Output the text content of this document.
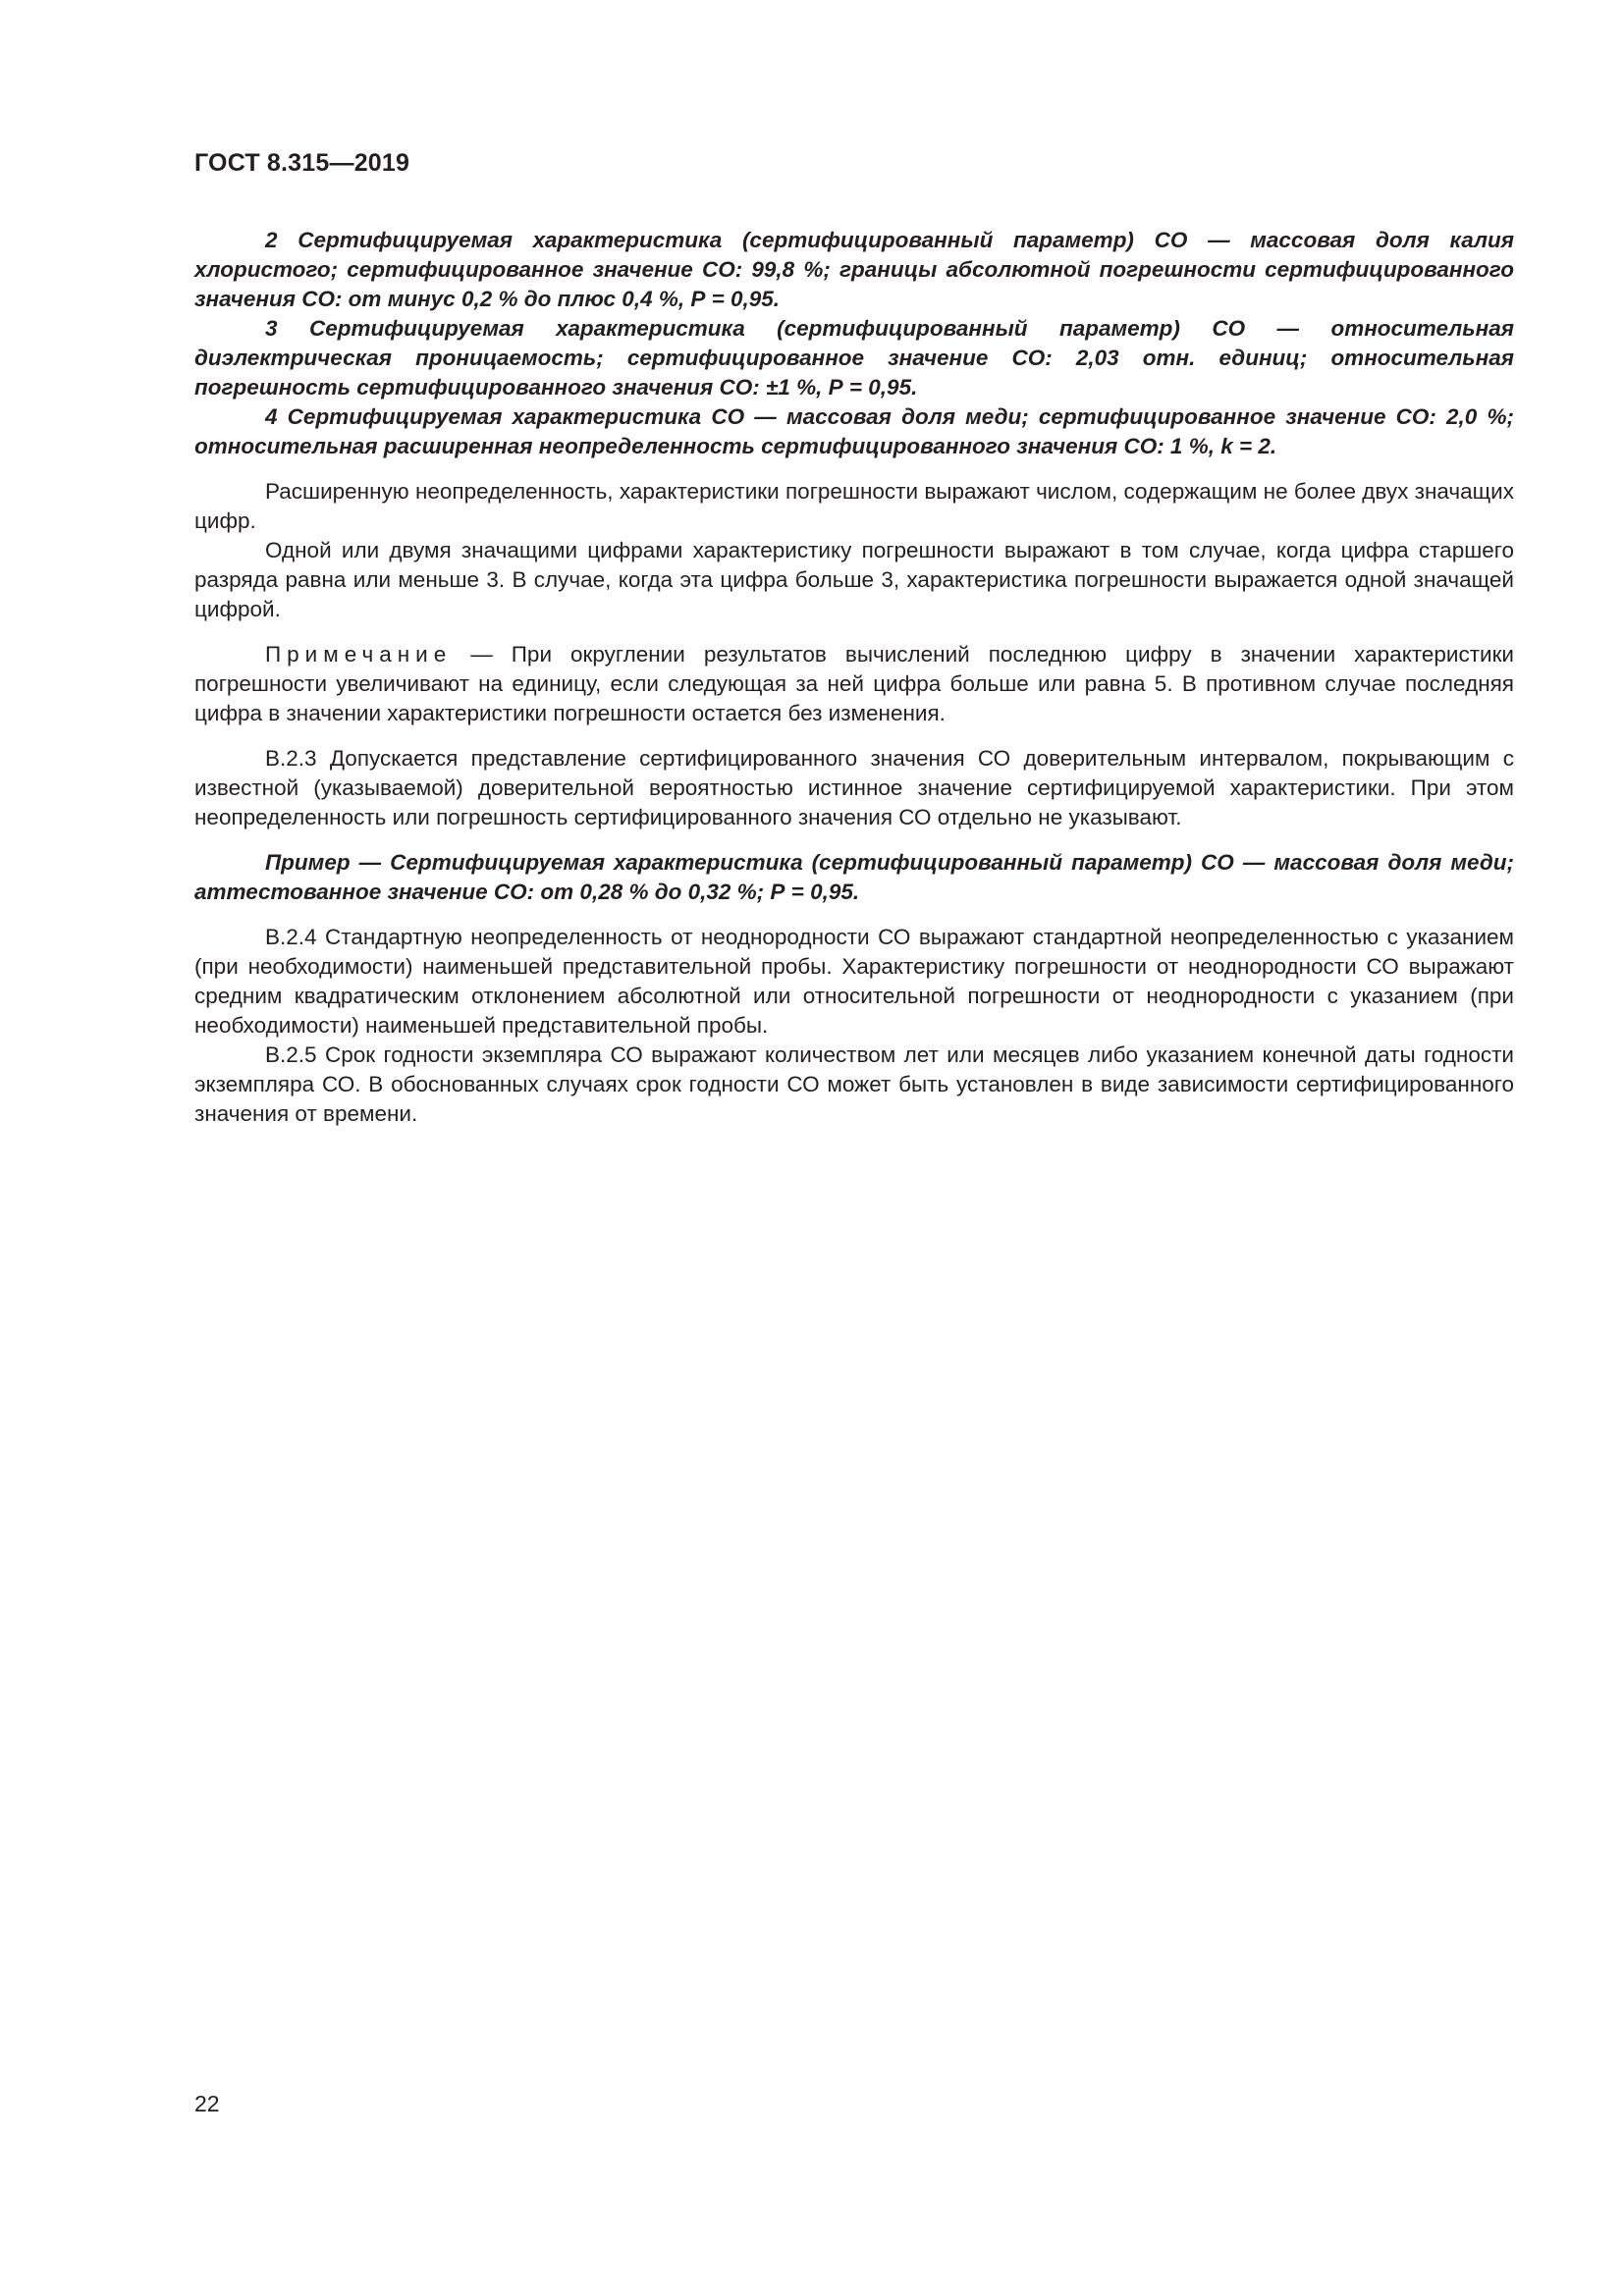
ГОСТ 8.315—2019

2 Сертифицируемая характеристика (сертифицированный параметр) СО — массовая доля калия хлористого; сертифицированное значение СО: 99,8 %; границы абсолютной погрешности сертифицированного значения СО: от минус 0,2 % до плюс 0,4 %, Р = 0,95.

3 Сертифицируемая характеристика (сертифицированный параметр) СО — относительная диэлектрическая проницаемость; сертифицированное значение СО: 2,03 отн. единиц; относительная погрешность сертифицированного значения СО: ±1 %, Р = 0,95.

4 Сертифицируемая характеристика СО — массовая доля меди; сертифицированное значение СО: 2,0 %; относительная расширенная неопределенность сертифицированного значения СО: 1 %, k = 2.

Расширенную неопределенность, характеристики погрешности выражают числом, содержащим не более двух значащих цифр.

Одной или двумя значащими цифрами характеристику погрешности выражают в том случае, когда цифра старшего разряда равна или меньше 3. В случае, когда эта цифра больше 3, характеристика погрешности выражается одной значащей цифрой.

Примечание — При округлении результатов вычислений последнюю цифру в значении характеристики погрешности увеличивают на единицу, если следующая за ней цифра больше или равна 5. В противном случае последняя цифра в значении характеристики погрешности остается без изменения.

В.2.3 Допускается представление сертифицированного значения СО доверительным интервалом, покрывающим с известной (указываемой) доверительной вероятностью истинное значение сертифицируемой характеристики. При этом неопределенность или погрешность сертифицированного значения СО отдельно не указывают.

Пример — Сертифицируемая характеристика (сертифицированный параметр) СО — массовая доля меди; аттестованное значение СО: от 0,28 % до 0,32 %; Р = 0,95.

В.2.4 Стандартную неопределенность от неоднородности СО выражают стандартной неопределенностью с указанием (при необходимости) наименьшей представительной пробы. Характеристику погрешности от неоднородности СО выражают средним квадратическим отклонением абсолютной или относительной погрешности от неоднородности с указанием (при необходимости) наименьшей представительной пробы.

В.2.5 Срок годности экземпляра СО выражают количеством лет или месяцев либо указанием конечной даты годности экземпляра СО. В обоснованных случаях срок годности СО может быть установлен в виде зависимости сертифицированного значения от времени.

22
